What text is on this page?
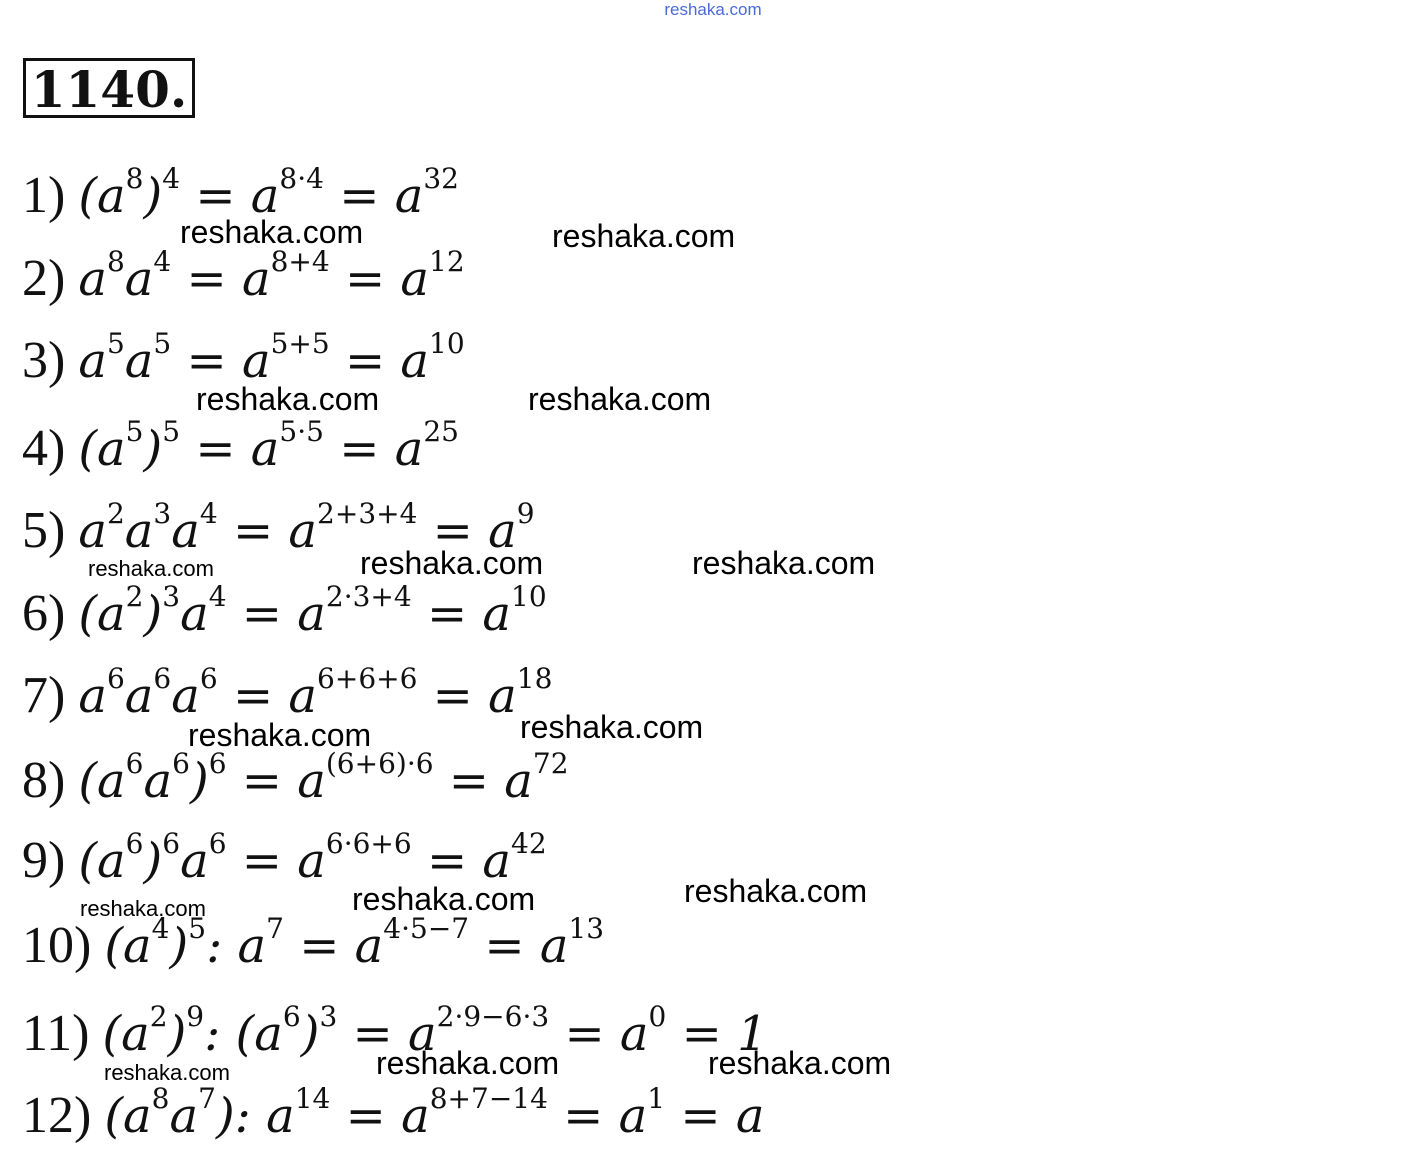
reshaka.com
1140.
1) $(a^8)^4 = a^{8\cdot 4} = a^{32}$
2) $a^8a^4 = a^{8+4} = a^{12}$
3) $a^5a^5 = a^{5+5} = a^{10}$
4) $(a^5)^5 = a^{5\cdot 5} = a^{25}$
5) $a^2a^3a^4 = a^{2+3+4} = a^9$
6) $(a^2)^3a^4 = a^{2\cdot 3+4} = a^{10}$
7) $a^6a^6a^6 = a^{6+6+6} = a^{18}$
8) $(a^6a^6)^6 = a^{(6+6)\cdot 6} = a^{72}$
9) $(a^6)^6a^6 = a^{6\cdot 6+6} = a^{42}$
10) $(a^4)^5$: $a^7 = a^{4\cdot 5-7} = a^{13}$
11) $(a^2)^9$: $(a^6)^3 = a^{2\cdot 9-6\cdot 3} = a^0 = 1$
12) $(a^8a^7)$: $a^{14} = a^{8+7-14} = a^1 = a$
reshaka.com	reshaka.com
reshaka.com	reshaka.com
reshaka.com	reshaka.com	reshaka.com
reshaka.com	reshaka.com
reshaka.com	reshaka.com	reshaka.com
reshaka.com	reshaka.com	reshaka.com
